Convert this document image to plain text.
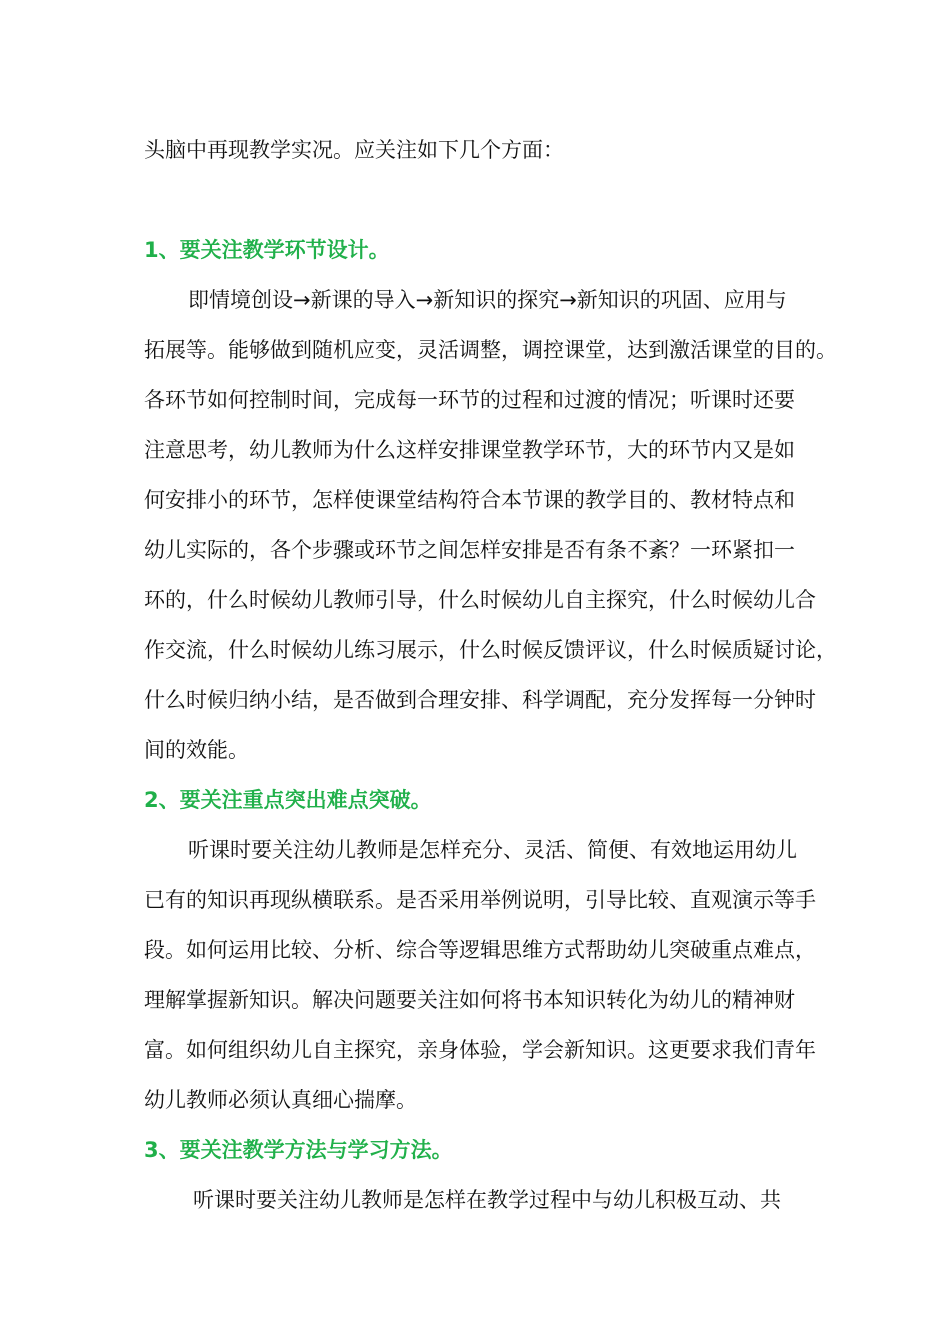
头脑中再现教学实况。应关注如下几个方面：
1、要关注教学环节设计。
即情境创设→新课的导入→新知识的探究→新知识的巩固、应用与
拓展等。能够做到随机应变，灵活调整，调控课堂，达到激活课堂的目的。
各环节如何控制时间，完成每一环节的过程和过渡的情况；听课时还要
注意思考，幼儿教师为什么这样安排课堂教学环节，大的环节内又是如
何安排小的环节，怎样使课堂结构符合本节课的教学目的、教材特点和
幼儿实际的，各个步骤或环节之间怎样安排是否有条不紊？一环紧扣一
环的，什么时候幼儿教师引导，什么时候幼儿自主探究，什么时候幼儿合
作交流，什么时候幼儿练习展示，什么时候反馈评议，什么时候质疑讨论，
什么时候归纳小结，是否做到合理安排、科学调配，充分发挥每一分钟时
间的效能。
2、要关注重点突出难点突破。
听课时要关注幼儿教师是怎样充分、灵活、简便、有效地运用幼儿
已有的知识再现纵横联系。是否采用举例说明，引导比较、直观演示等手
段。如何运用比较、分析、综合等逻辑思维方式帮助幼儿突破重点难点，
理解掌握新知识。解决问题要关注如何将书本知识转化为幼儿的精神财
富。如何组织幼儿自主探究，亲身体验，学会新知识。这更要求我们青年
幼儿教师必须认真细心揣摩。
3、要关注教学方法与学习方法。
听课时要关注幼儿教师是怎样在教学过程中与幼儿积极互动、共
